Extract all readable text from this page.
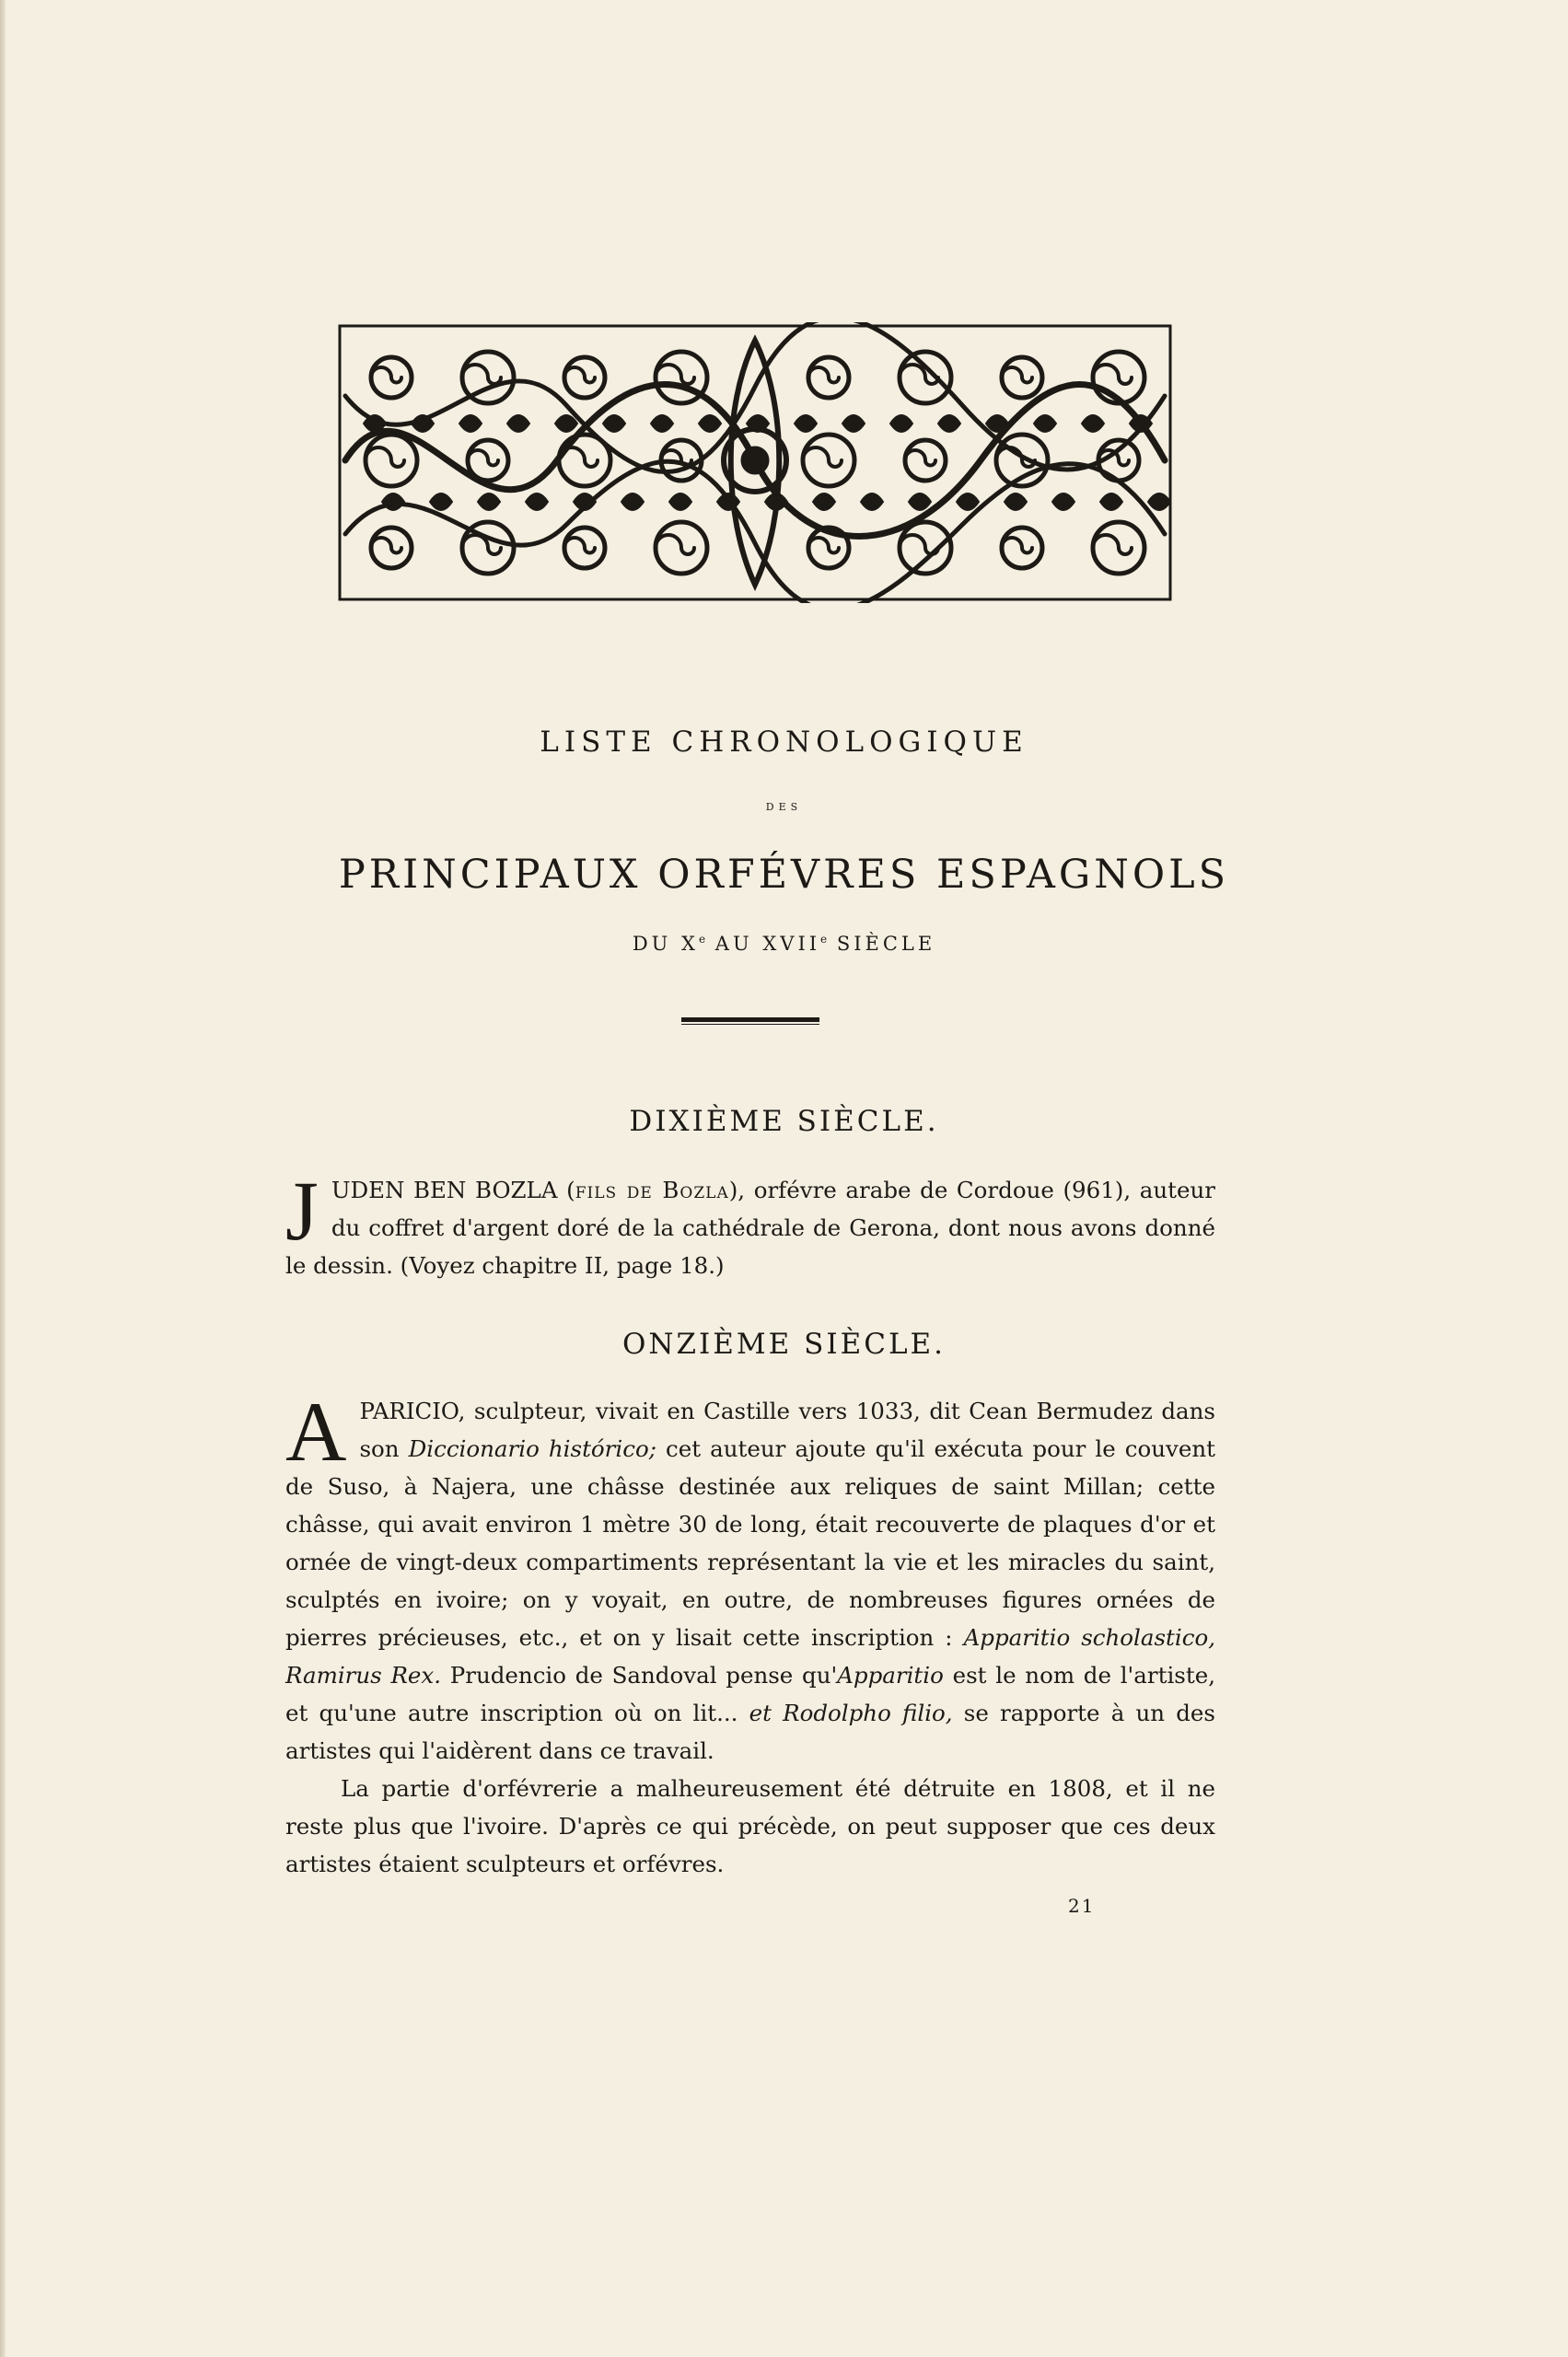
LISTE CHRONOLOGIQUE
DES
PRINCIPAUX ORFÉVRES ESPAGNOLS
DU Xe AU XVIIe SIÈCLE
DIXIÈME SIÈCLE.

JUDEN BEN BOZLA (fils de Bozla), orfévre arabe de Cordoue (961), auteur du coffret d'argent doré de la cathédrale de Gerona, dont nous avons donné le dessin. (Voyez chapitre II, page 18.)

ONZIÈME SIÈCLE.

APARICIO, sculpteur, vivait en Castille vers 1033, dit Cean Bermudez dans son Diccionario histórico; cet auteur ajoute qu'il exécuta pour le couvent de Suso, à Najera, une châsse destinée aux reliques de saint Millan; cette châsse, qui avait environ 1 mètre 30 de long, était recouverte de plaques d'or et ornée de vingt-deux compartiments représentant la vie et les miracles du saint, sculptés en ivoire; on y voyait, en outre, de nombreuses figures ornées de pierres précieuses, etc., et on y lisait cette inscription : Apparitio scholastico, Ramirus Rex. Prudencio de Sandoval pense qu'Apparitio est le nom de l'artiste, et qu'une autre inscription où on lit... et Rodolpho filio, se rapporte à un des artistes qui l'aidèrent dans ce travail.

La partie d'orfévrerie a malheureusement été détruite en 1808, et il ne reste plus que l'ivoire. D'après ce qui précède, on peut supposer que ces deux artistes étaient sculpteurs et orfévres.

21
